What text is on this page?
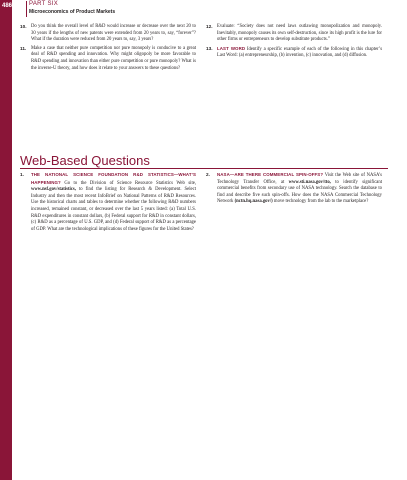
486	PART SIX
Microeconomics of Product Markets

10. Do you think the overall level of R&D would increase or decrease over the next 20 to 30 years if the lengths of new patents were extended from 20 years to, say, “forever”? What if the duration were reduced from 20 years to, say, 3 years?

11. Make a case that neither pure competition nor pure monopoly is conducive to a great deal of R&D spending and innovation. Why might oligopoly be more favorable to R&D spending and innovation than either pure competition or pure monopoly? What is the inverse-U theory, and how does it relate to your answers to these questions?

12. Evaluate: “Society does not need laws outlawing monopolization and monopoly. Inevitably, monopoly causes its own self-destruction, since its high profit is the lure for other firms or entrepreneurs to develop substitute products.”

13. LAST WORD Identify a specific example of each of the following in this chapter’s Last Word: (a) entrepreneurship, (b) invention, (c) innovation, and (d) diffusion.

Web-Based Questions

1. THE NATIONAL SCIENCE FOUNDATION R&D STATISTICS—WHAT’S HAPPENING? Go to the Division of Science Resource Statistics Web site, www.nsf.gov/statistics, to find the listing for Research & Development. Select Industry and then the most recent InfoBrief on National Patterns of R&D Resources. Use the historical charts and tables to determine whether the following R&D numbers increased, remained constant, or decreased over the last 5 years listed: (a) Total U.S. R&D expenditures in constant dollars, (b) Federal support for R&D in constant dollars, (c) R&D as a percentage of U.S. GDP, and (d) Federal support of R&D as a percentage of GDP. What are the technological implications of these figures for the United States?

2. NASA—ARE THERE COMMERCIAL SPIN-OFFS? Visit the Web site of NASA’s Technology Transfer Office, at www.sti.nasa.gov/tto, to identify significant commercial benefits from secondary use of NASA technology. Search the database to find and describe five such spin-offs. How does the NASA Commercial Technology Network (nctn.hq.nasa.gov/) move technology from the lab to the marketplace?
